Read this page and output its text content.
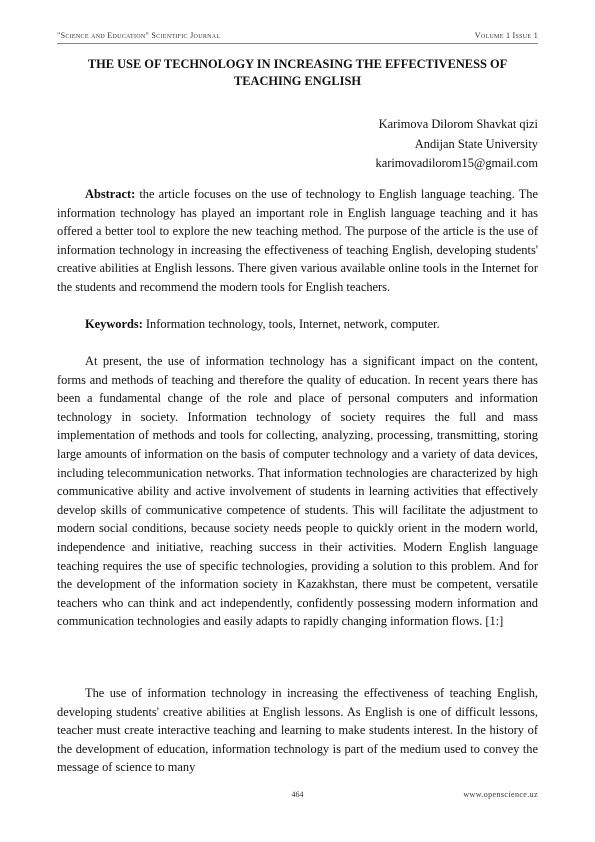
"Science and Education" Scientific Journal	Volume 1 Issue 1
THE USE OF TECHNOLOGY IN INCREASING THE EFFECTIVENESS OF TEACHING ENGLISH
Karimova Dilorom Shavkat qizi
Andijan State University
karimovadilorom15@gmail.com

Abstract: the article focuses on the use of technology to English language teaching. The information technology has played an important role in English language teaching and it has offered a better tool to explore the new teaching method. The purpose of the article is the use of information technology in increasing the effectiveness of teaching English, developing students' creative abilities at English lessons. There given various available online tools in the Internet for the students and recommend the modern tools for English teachers.

Keywords: Information technology, tools, Internet, network, computer.

At present, the use of information technology has a significant impact on the content, forms and methods of teaching and therefore the quality of education. In recent years there has been a fundamental change of the role and place of personal computers and information technology in society. Information technology of society requires the full and mass implementation of methods and tools for collecting, analyzing, processing, transmitting, storing large amounts of information on the basis of computer technology and a variety of data devices, including telecommunication networks. That information technologies are characterized by high communicative ability and active involvement of students in learning activities that effectively develop skills of communicative competence of students. This will facilitate the adjustment to modern social conditions, because society needs people to quickly orient in the modern world, independence and initiative, reaching success in their activities. Modern English language teaching requires the use of specific technologies, providing a solution to this problem. And for the development of the information society in Kazakhstan, there must be competent, versatile teachers who can think and act independently, confidently possessing modern information and communication technologies and easily adapts to rapidly changing information flows. [1:]

The use of information technology in increasing the effectiveness of teaching English, developing students' creative abilities at English lessons. As English is one of difficult lessons, teacher must create interactive teaching and learning to make students interest. In the history of the development of education, information technology is part of the medium used to convey the message of science to many

464	www.openscience.uz
